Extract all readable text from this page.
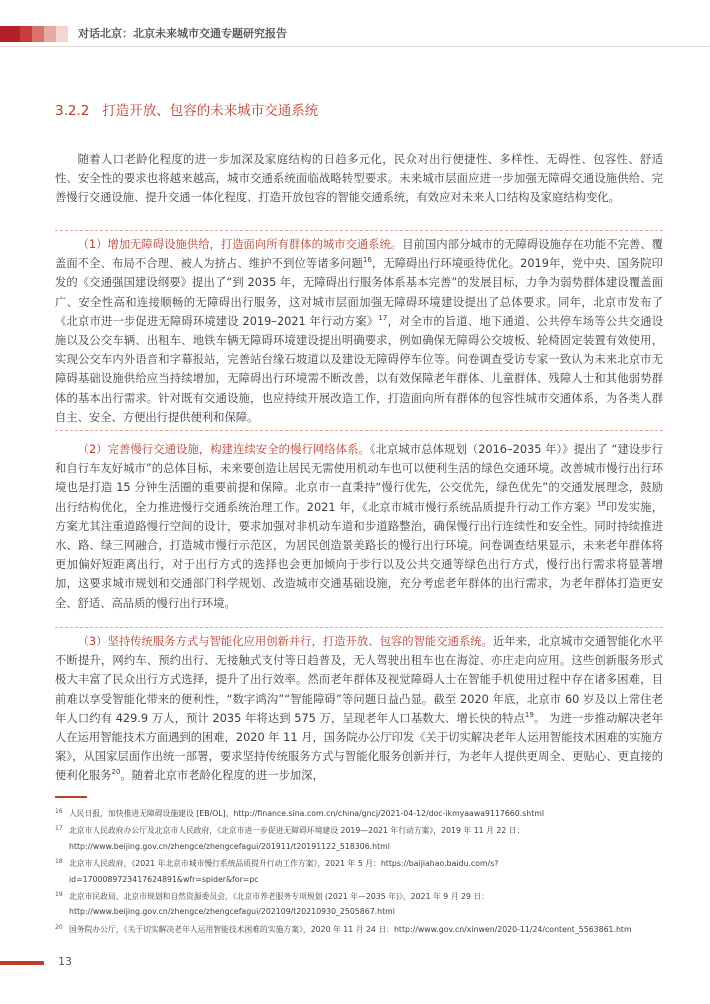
对话北京：北京未来城市交通专题研究报告
3.2.2 打造开放、包容的未来城市交通系统

随着人口老龄化程度的进一步加深及家庭结构的日趋多元化，民众对出行便捷性、多样性、无碍性、包容性、舒适性、安全性的要求也将越来越高，城市交通系统面临战略转型要求。未来城市层面应进一步加强无障碍交通设施供给、完善慢行交通设施、提升交通一体化程度、打造开放包容的智能交通系统，有效应对未来人口结构及家庭结构变化。

（1）增加无障碍设施供给，打造面向所有群体的城市交通系统。目前国内部分城市的无障碍设施存在功能不完善、覆盖面不全、布局不合理、被人为挤占、维护不到位等诸多问题$^{16}$，无障碍出行环境亟待优化。2019年，党中央、国务院印发的《交通强国建设纲要》提出了“到 2035 年，无障碍出行服务体系基本完善”的发展目标，力争为弱势群体建设覆盖面广、安全性高和连接顺畅的无障碍出行服务，这对城市层面加强无障碍环境建设提出了总体要求。同年，北京市发布了《北京市进一步促进无障碍环境建设 2019–2021 年行动方案》$^{17}$，对全市的旨道、地下通道、公共停车场等公共交通设施以及公交车辆、出租车、地铁车辆无障碍环境建设提出明确要求，例如确保无障碍公交坡板、轮椅固定装置有效使用，实现公交车内外语音和字幕报站，完善站台缘石坡道以及建设无障碍停车位等。问卷调查受访专家一致认为未来北京市无障碍基础设施供给应当持续增加，无障碍出行环境需不断改善，以有效保障老年群体、儿童群体、残障人士和其他弱势群体的基本出行需求。针对既有交通设施，也应持续开展改造工作，打造面向所有群体的包容性城市交通体系，为各类人群自主、安全、方便出行提供便利和保障。

（2）完善慢行交通设施，构建连续安全的慢行网络体系。《北京城市总体规划（2016–2035 年）》提出了 “建设步行和自行车友好城市”的总体目标，未来要创造让居民无需使用机动车也可以便利生活的绿色交通环境。改善城市慢行出行环境也是打造 15 分钟生活圈的重要前提和保障。北京市一直秉持“慢行优先，公交优先，绿色优先”的交通发展理念，鼓励出行结构优化，全力推进慢行交通系统治理工作。2021 年，《北京市城市慢行系统品质提升行动工作方案》$^{18}$印发实施，方案尤其注重道路慢行空间的设计，要求加强对非机动车道和步道路整治，确保慢行出行连续性和安全性。同时持续推进水、路、绿三网融合，打造城市慢行示范区，为居民创造景美路长的慢行出行环境。问卷调查结果显示，未来老年群体将更加偏好短距离出行，对于出行方式的选择也会更加倾向于步行以及公共交通等绿色出行方式，慢行出行需求将显著增加，这要求城市规划和交通部门科学规划、改造城市交通基础设施，充分考虑老年群体的出行需求，为老年群体打造更安全、舒适、高品质的慢行出行环境。

（3）坚持传统服务方式与智能化应用创新并行，打造开放、包容的智能交通系统。近年来，北京城市交通智能化水平不断提升，网约车、预约出行、无接触式支付等日趋普及，无人驾驶出租车也在海淀、亦庄走向应用。这些创新服务形式极大丰富了民众出行方式选择，提升了出行效率。然而老年群体及视觉障碍人士在智能手机使用过程中存在诸多困难，目前难以享受智能化带来的便利性，“数字鸿沟”“智能障碍”等问题日益凸显。截至 2020 年底，北京市 60 岁及以上常住老年人口约有 429.9 万人，预计 2035 年将达到 575 万，呈现老年人口基数大、增长快的特点$^{19}$。 为进一步推动解决老年人在运用智能技术方面遇到的困难，2020 年 11 月，国务院办公厅印发《关于切实解决老年人运用智能技术困难的实施方案》，从国家层面作出统一部署，要求坚持传统服务方式与智能化服务创新并行，为老年人提供更周全、更贴心、更直接的便利化服务$^{20}$。随着北京市老龄化程度的进一步加深，

16 人民日报，加快推进无障碍设施建设 [EB/OL]，http://finance.sina.com.cn/china/gncj/2021-04-12/doc-ikmyaawa9117660.shtml
17 北京市人民政府办公厅及北京市人民政府，《北京市进一步促进无障碍环境建设 2019—2021 年行动方案》，2019 年 11 月 22 日：http://www.beijing.gov.cn/zhengce/zhengcefagui/201911/t20191122_518306.html
18 北京市人民政府，《2021 年北京市城市慢行系统品质提升行动工作方案》，2021 年 5 月：https://baijiahao.baidu.com/s?id=1700089723417624891&wfr=spider&for=pc
19 北京市民政局、北京市规划和自然资源委员会，《北京市养老服务专项规划 (2021 年—2035 年)》，2021 年 9 月 29 日：http://www.beijing.gov.cn/zhengce/zhengcefagui/202109/t20210930_2505867.html
20 国务院办公厅，《关于切实解决老年人运用智能技术困难的实施方案》，2020 年 11 月 24 日：http://www.gov.cn/xinwen/2020-11/24/content_5563861.htm
13
